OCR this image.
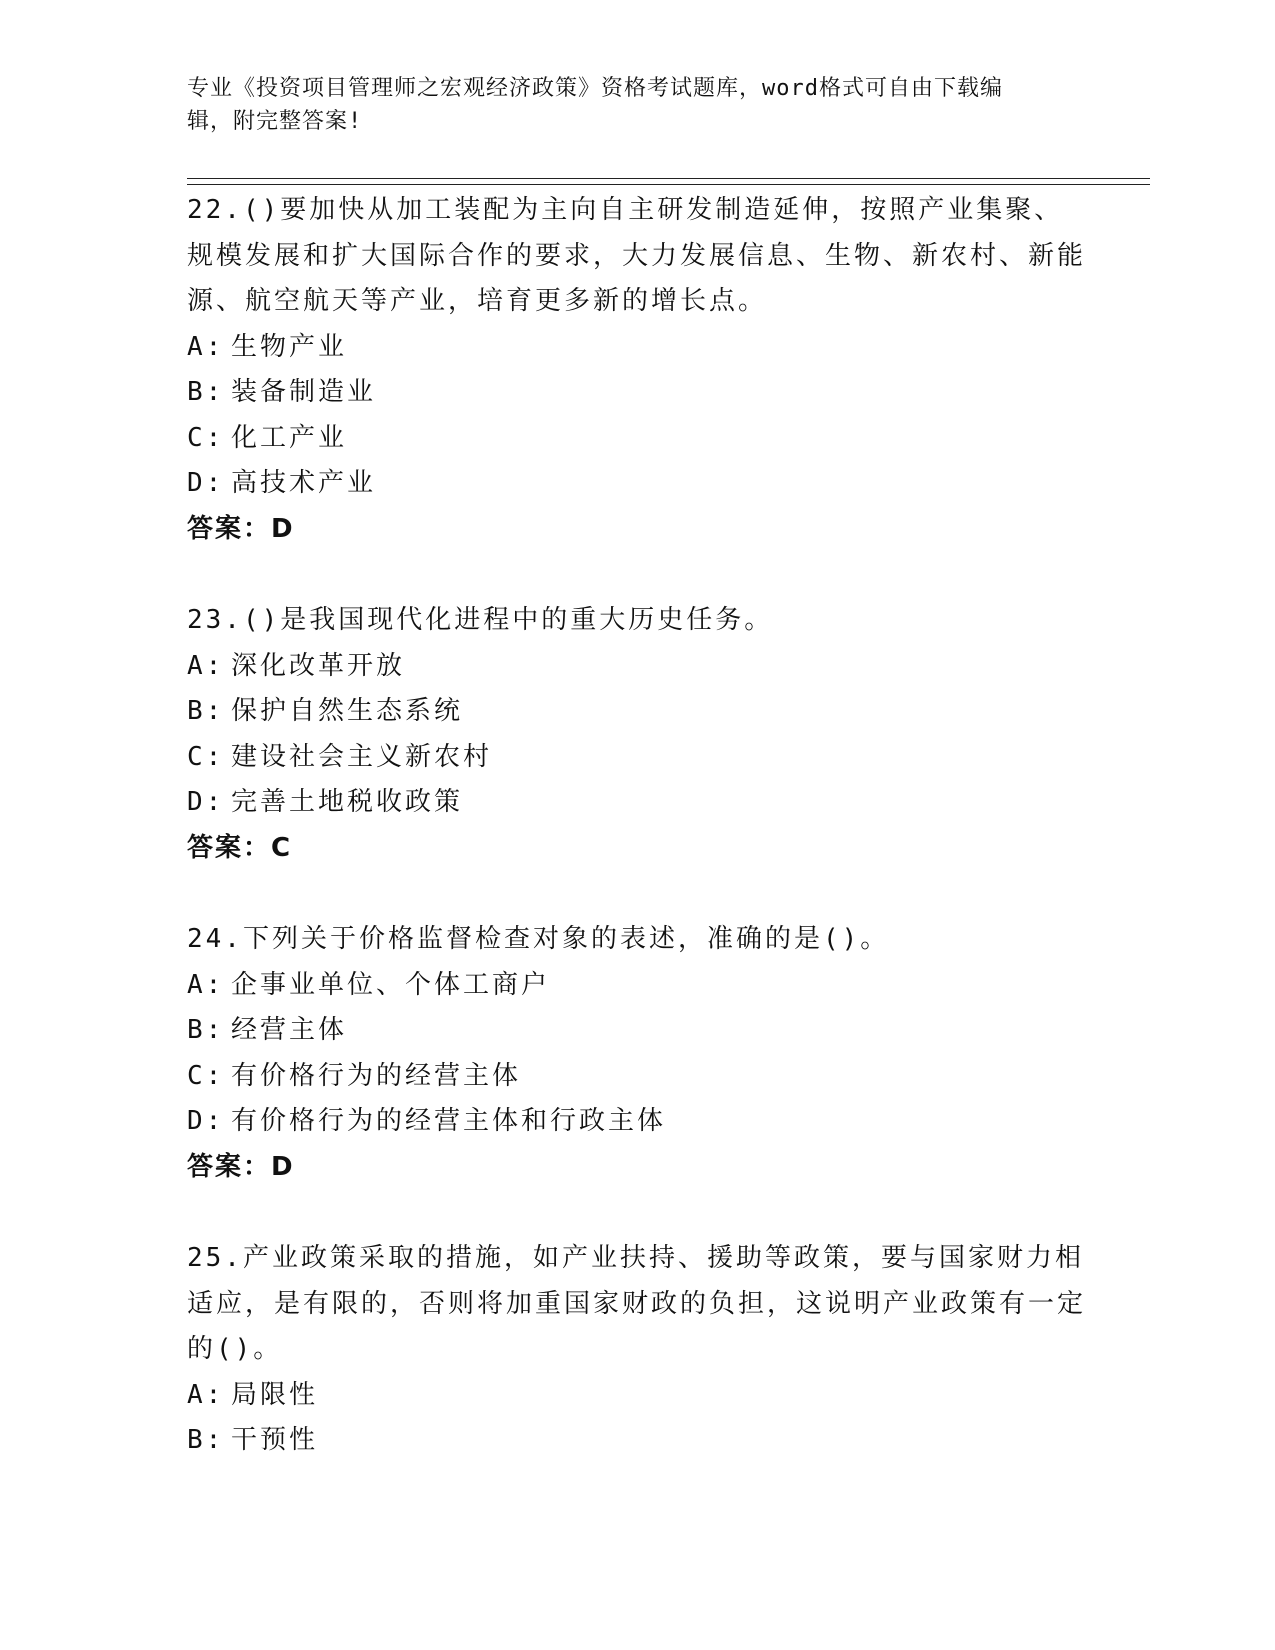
专业《投资项目管理师之宏观经济政策》资格考试题库，word格式可自由下载编
辑，附完整答案!

22.()要加快从加工装配为主向自主研发制造延伸，按照产业集聚、规模发展和扩大国际合作的要求，大力发展信息、生物、新农村、新能源、航空航天等产业，培育更多新的增长点。

A: 生物产业

B: 装备制造业

C: 化工产业

D: 高技术产业

答案：D

23.()是我国现代化进程中的重大历史任务。

A: 深化改革开放

B: 保护自然生态系统

C: 建设社会主义新农村

D: 完善土地税收政策

答案：C

24.下列关于价格监督检查对象的表述，准确的是()。

A: 企事业单位、个体工商户

B: 经营主体

C: 有价格行为的经营主体

D: 有价格行为的经营主体和行政主体

答案：D

25.产业政策采取的措施，如产业扶持、援助等政策，要与国家财力相适应，是有限的，否则将加重国家财政的负担，这说明产业政策有一定的()。

A: 局限性

B: 干预性
